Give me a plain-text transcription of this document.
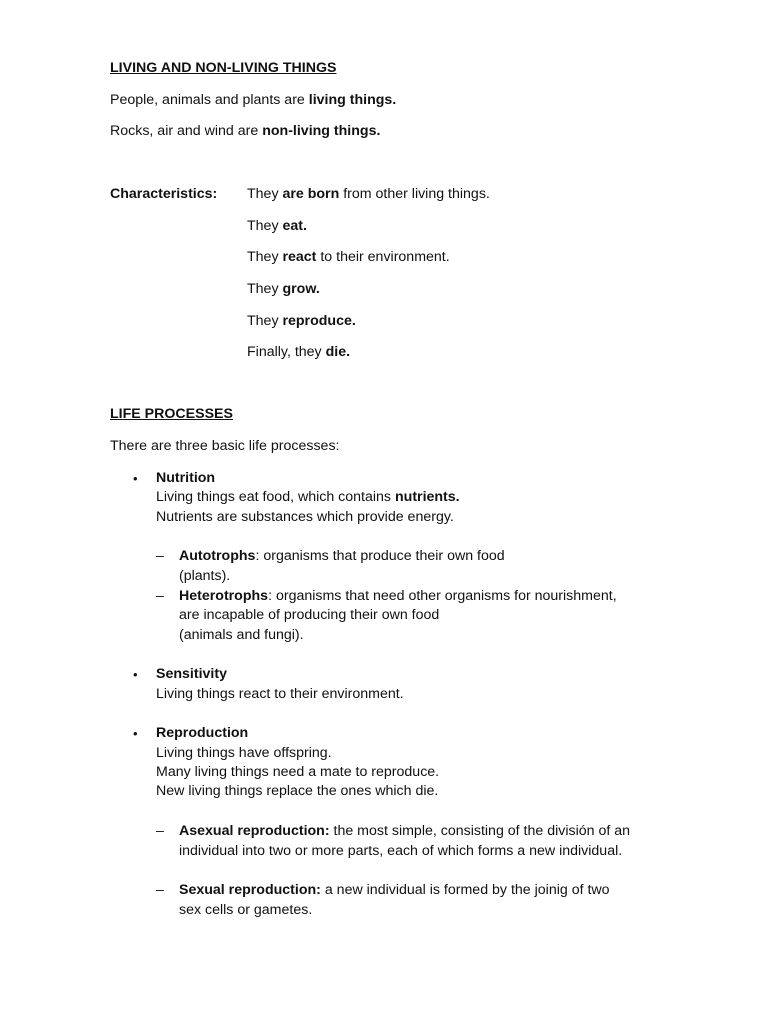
LIVING AND NON-LIVING THINGS
People, animals and plants are living things.
Rocks, air and wind are non-living things.
Characteristics: They are born from other living things.
They eat.
They react to their environment.
They grow.
They reproduce.
Finally, they die.
LIFE PROCESSES
There are three basic life processes:
• Nutrition
Living things eat food, which contains nutrients.
Nutrients are substances which provide energy.
– Autotrophs: organisms that produce their own food
(plants).
– Heterotrophs: organisms that need other organisms for nourishment,
are incapable of producing their own food
(animals and fungi).
• Sensitivity
Living things react to their environment.
• Reproduction
Living things have offspring.
Many living things need a mate to reproduce.
New living things replace the ones which die.
– Asexual reproduction: the most simple, consisting of the división of an
individual into two or more parts, each of which forms a new individual.
– Sexual reproduction: a new individual is formed by the joinig of two
sex cells or gametes.
